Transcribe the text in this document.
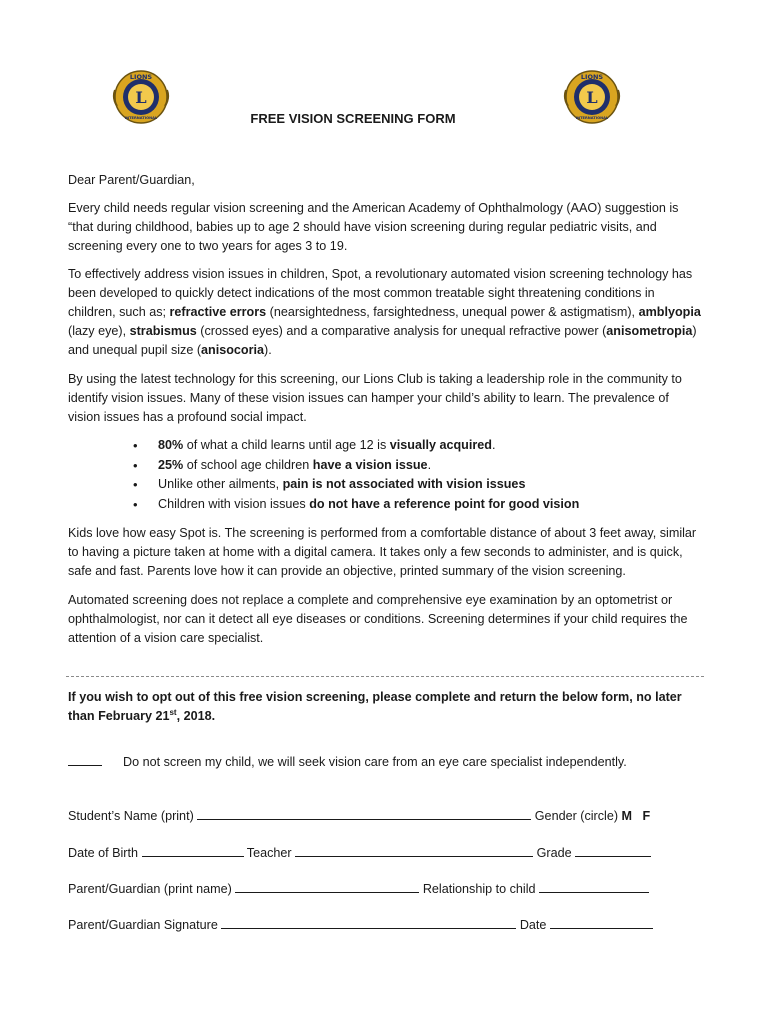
L
LIONS
INTERNATIONAL
L
LIONS
INTERNATIONAL
FREE VISION SCREENING FORM

Dear Parent/Guardian,

Every child needs regular vision screening and the American Academy of Ophthalmology (AAO) suggestion is “that during childhood, babies up to age 2 should have vision screening during regular pediatric visits, and screening every one to two years for ages 3 to 19.

To effectively address vision issues in children, Spot, a revolutionary automated vision screening technology has been developed to quickly detect indications of the most common treatable sight threatening conditions in children, such as; refractive errors (nearsightedness, farsightedness, unequal power & astigmatism), amblyopia (lazy eye), strabismus (crossed eyes) and a comparative analysis for unequal refractive power (anisometropia) and unequal pupil size (anisocoria).

By using the latest technology for this screening, our Lions Club is taking a leadership role in the community to identify vision issues. Many of these vision issues can hamper your child’s ability to learn. The prevalence of vision issues has a profound social impact.

•	80% of what a child learns until age 12 is visually acquired.
•	25% of school age children have a vision issue.
•	Unlike other ailments, pain is not associated with vision issues
•	Children with vision issues do not have a reference point for good vision

Kids love how easy Spot is. The screening is performed from a comfortable distance of about 3 feet away, similar to having a picture taken at home with a digital camera. It takes only a few seconds to administer, and is quick, safe and fast. Parents love how it can provide an objective, printed summary of the vision screening.

Automated screening does not replace a complete and comprehensive eye examination by an optometrist or ophthalmologist, nor can it detect all eye diseases or conditions. Screening determines if your child requires the attention of a vision care specialist.

If you wish to opt out of this free vision screening, please complete and return the below form, no later than February 21st, 2018.

Do not screen my child, we will seek vision care from an eye care specialist independently.

Student’s Name (print)	Gender (circle) M F
Date of Birth	Teacher	Grade
Parent/Guardian (print name)	Relationship to child
Parent/Guardian Signature	Date
